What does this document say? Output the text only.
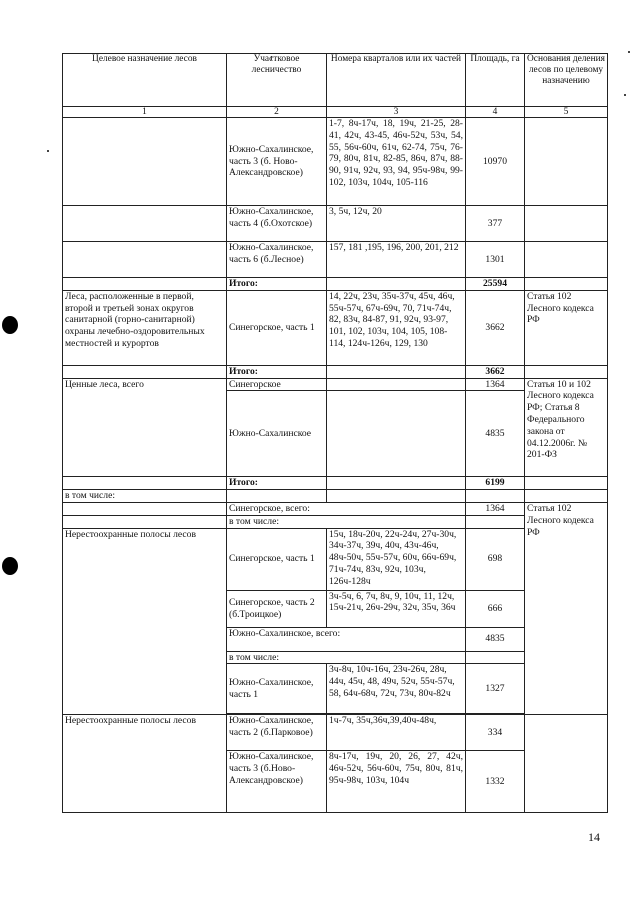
Целевое назначение лесов	Участковое лесничество	Номера кварталов или их частей	Площадь, га	Основания деления лесов по целевому назначению
1	2	3	4	5
	Южно-Сахалинское, часть 3 (б. Ново-Александровское)	1-7, 8ч-17ч, 18, 19ч, 21-25, 28-41, 42ч, 43-45, 46ч-52ч, 53ч, 54, 55, 56ч-60ч, 61ч, 62-74, 75ч, 76-79, 80ч, 81ч, 82-85, 86ч, 87ч, 88-90, 91ч, 92ч, 93, 94, 95ч-98ч, 99-102, 103ч, 104ч, 105-116	10970	
	Южно-Сахалинское, часть 4 (б.Охотское)	3, 5ч, 12ч, 20	377	
	Южно-Сахалинское, часть 6 (б.Лесное)	157, 181 ,195, 196, 200, 201, 212	1301	
	Итого:		25594	
Леса, расположенные в первой, второй и третьей зонах округов санитарной (горно-санитарной) охраны лечебно-оздоровительных местностей и курортов	Синегорское, часть 1	14, 22ч, 23ч, 35ч-37ч, 45ч, 46ч, 55ч-57ч, 67ч-69ч, 70, 71ч-74ч, 82, 83ч, 84-87, 91, 92ч, 93-97, 101, 102, 103ч, 104, 105, 108-114, 124ч-126ч, 129, 130	3662	Статья 102 Лесного кодекса РФ
	Итого:		3662	
Ценные леса, всего	Синегорское		1364	Статья 10 и 102 Лесного кодекса РФ; Статья 8 Федерального закона от 04.12.2006г. № 201-ФЗ
	Южно-Сахалинское		4835	
	Итого:		6199	
в том числе:				
	Синегорское, всего:		1364	Статья 102 Лесного кодекса РФ
	в том числе:			
Нерестоохранные полосы лесов	Синегорское, часть 1	15ч, 18ч-20ч, 22ч-24ч, 27ч-30ч, 34ч-37ч, 39ч, 40ч, 43ч-46ч, 48ч-50ч, 55ч-57ч, 60ч, 66ч-69ч, 71ч-74ч, 83ч, 92ч, 103ч, 126ч-128ч	698	
	Синегорское, часть 2 (б.Троицкое)	3ч-5ч, 6, 7ч, 8ч, 9, 10ч, 11, 12ч, 15ч-21ч, 26ч-29ч, 32ч, 35ч, 36ч	666	
	Южно-Сахалинское, всего:		4835	
	в том числе:			
	Южно-Сахалинское, часть 1	3ч-8ч, 10ч-16ч, 23ч-26ч, 28ч, 44ч, 45ч, 48, 49ч, 52ч, 55ч-57ч, 58, 64ч-68ч, 72ч, 73ч, 80ч-82ч	1327	

Нерестоохранные полосы лесов	Южно-Сахалинское, часть 2 (б.Парковое)	1ч-7ч, 35ч,36ч,39,40ч-48ч,	334	
	Южно-Сахалинское, часть 3 (б.Ново-Александровское)	8ч-17ч, 19ч, 20, 26, 27, 42ч, 46ч-52ч, 56ч-60ч, 75ч, 80ч, 81ч, 95ч-98ч, 103ч, 104ч	1332	
14
